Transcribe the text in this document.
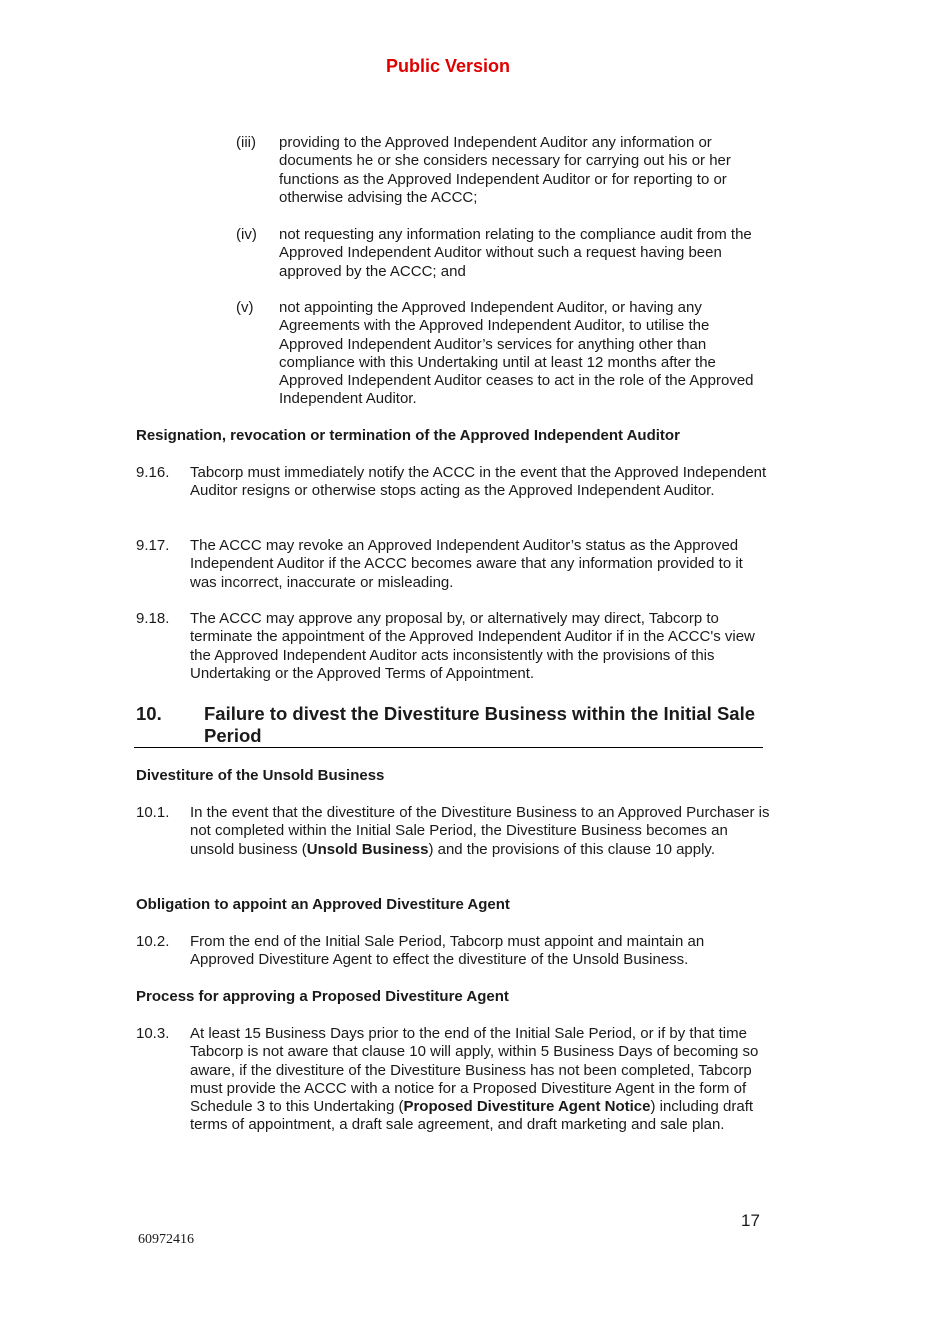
Public Version
(iii) providing to the Approved Independent Auditor any information or documents he or she considers necessary for carrying out his or her functions as the Approved Independent Auditor or for reporting to or otherwise advising the ACCC;
(iv) not requesting any information relating to the compliance audit from the Approved Independent Auditor without such a request having been approved by the ACCC; and
(v) not appointing the Approved Independent Auditor, or having any Agreements with the Approved Independent Auditor, to utilise the Approved Independent Auditor’s services for anything other than compliance with this Undertaking until at least 12 months after the Approved Independent Auditor ceases to act in the role of the Approved Independent Auditor.
Resignation, revocation or termination of the Approved Independent Auditor
9.16. Tabcorp must immediately notify the ACCC in the event that the Approved Independent Auditor resigns or otherwise stops acting as the Approved Independent Auditor.
9.17. The ACCC may revoke an Approved Independent Auditor’s status as the Approved Independent Auditor if the ACCC becomes aware that any information provided to it was incorrect, inaccurate or misleading.
9.18. The ACCC may approve any proposal by, or alternatively may direct, Tabcorp to terminate the appointment of the Approved Independent Auditor if in the ACCC's view the Approved Independent Auditor acts inconsistently with the provisions of this Undertaking or the Approved Terms of Appointment.
10. Failure to divest the Divestiture Business within the Initial Sale Period
Divestiture of the Unsold Business
10.1. In the event that the divestiture of the Divestiture Business to an Approved Purchaser is not completed within the Initial Sale Period, the Divestiture Business becomes an unsold business (Unsold Business) and the provisions of this clause 10 apply.
Obligation to appoint an Approved Divestiture Agent
10.2. From the end of the Initial Sale Period, Tabcorp must appoint and maintain an Approved Divestiture Agent to effect the divestiture of the Unsold Business.
Process for approving a Proposed Divestiture Agent
10.3. At least 15 Business Days prior to the end of the Initial Sale Period, or if by that time Tabcorp is not aware that clause 10 will apply, within 5 Business Days of becoming so aware, if the divestiture of the Divestiture Business has not been completed, Tabcorp must provide the ACCC with a notice for a Proposed Divestiture Agent in the form of Schedule 3 to this Undertaking (Proposed Divestiture Agent Notice) including draft terms of appointment, a draft sale agreement, and draft marketing and sale plan.
17
60972416
